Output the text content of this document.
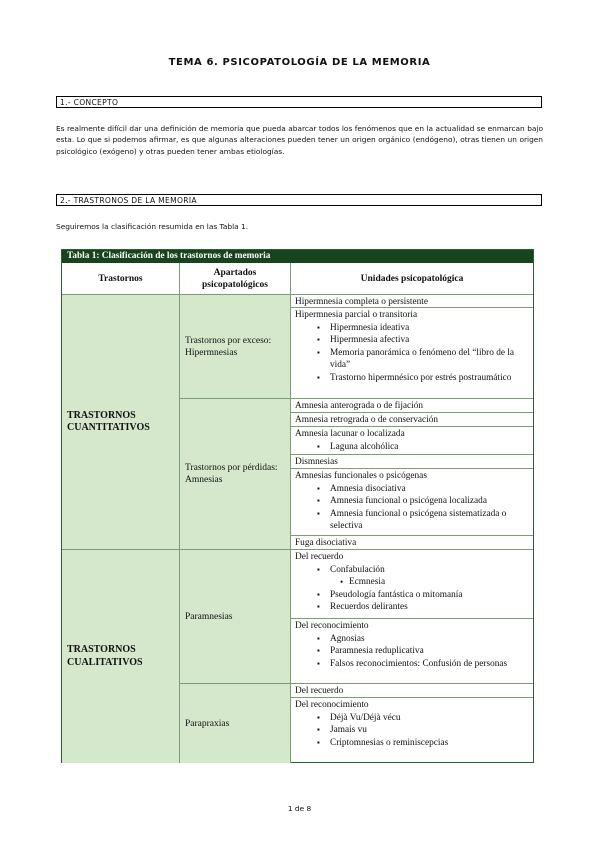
TEMA 6. PSICOPATOLOGÍA DE LA MEMORIA
1.- CONCEPTO
Es realmente difícil dar una definición de memoria que pueda abarcar todos los fenómenos que en la actualidad se enmarcan bajo esta. Lo que si podemos afirmar, es que algunas alteraciones pueden tener un origen orgánico (endógeno), otras tienen un origen psicológico (exógeno) y otras pueden tener ambas etiologías.
2.- TRASTRONOS DE LA MEMORIA
Seguiremos la clasificación resumida en las Tabla 1.
Tabla 1: Clasificación de los trastornos de memoria
Trastornos
Apartados psicopatológicos
Unidades psicopatológica
TRASTORNOS CUANTITATIVOS
TRASTORNOS CUALITATIVOS
Trastornos por exceso: Hipermnesias
Trastornos por pérdidas: Amnesias
Paramnesias
Parapraxias
Hipermnesia completa o persistente
Hipermnesia parcial o transitoria
▪ Hipermnesia ideativa
▪ Hipermnesia afectiva
▪ Memoria panorámica o fenómeno del “libro de la vida”
▪ Trastorno hipermnésico por estrés postraumático
Amnesia anterograda o de fijación
Amnesia retrograda o de conservación
Amnesia lacunar o localizada
▪ Laguna alcohólica
Dismnesias
Amnesias funcionales o psicógenas
▪ Amnesia disociativa
▪ Amnesia funcional o psicógena localizada
▪ Amnesia funcional o psicógena sistematizada o selectiva
Fuga disociativa
Del recuerdo
▪ Confabulación
• Ecmnesia
▪ Pseudología fantástica o mitomanía
▪ Recuerdos delirantes
Del reconocimiento
▪ Agnosias
▪ Paramnesia reduplicativa
▪ Falsos reconocimientos: Confusión de personas
Del recuerdo
Del reconocimiento
▪ Déjà Vu/Déjà vécu
▪ Jamais vu
▪ Criptomnesias o reminiscepcias
1 de 8
